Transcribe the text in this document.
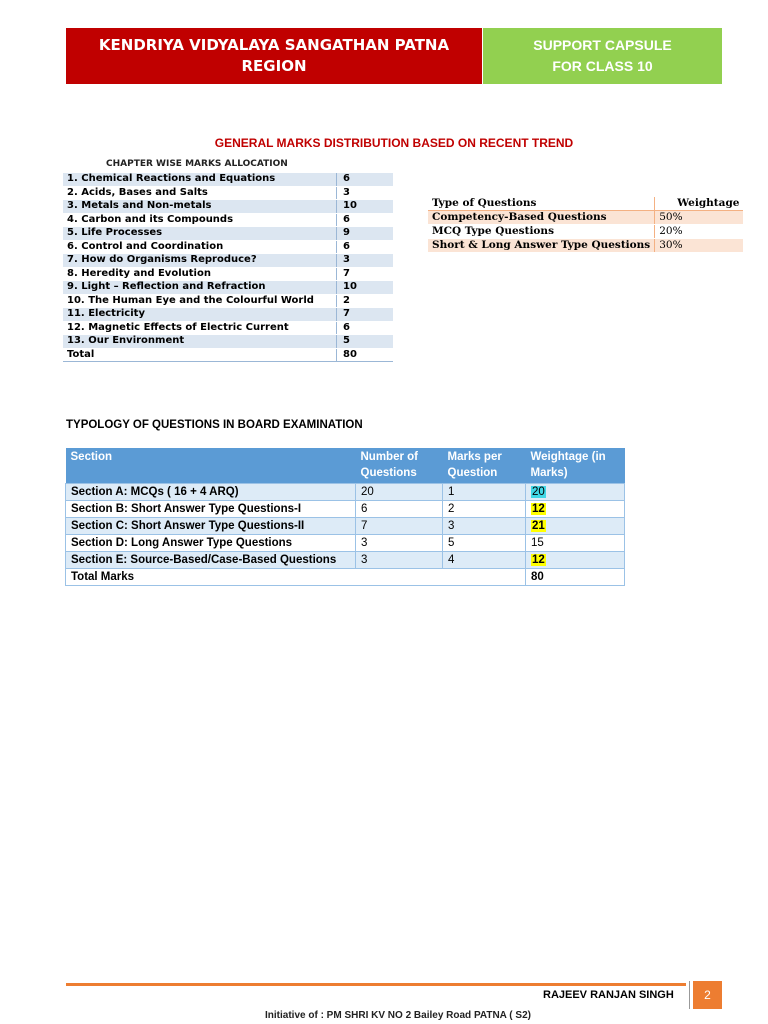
KENDRIYA VIDYALAYA SANGATHAN PATNA REGION
SUPPORT CAPSULE FOR CLASS 10
GENERAL MARKS DISTRIBUTION BASED ON RECENT TREND
CHAPTER WISE MARKS ALLOCATION
1. Chemical Reactions and Equations	6
2. Acids, Bases and Salts	3
3. Metals and Non-metals	10
4. Carbon and its Compounds	6
5. Life Processes	9
6. Control and Coordination	6
7. How do Organisms Reproduce?	3
8. Heredity and Evolution	7
9. Light – Reflection and Refraction	10
10. The Human Eye and the Colourful World	2
11. Electricity	7
12. Magnetic Effects of Electric Current	6
13. Our Environment	5
Total	80
Type of Questions	Weightage
Competency-Based Questions	50%
MCQ Type Questions	20%
Short & Long Answer Type Questions	30%
TYPOLOGY OF QUESTIONS IN BOARD EXAMINATION
Section	Number of Questions	Marks per Question	Weightage (in Marks)
Section A: MCQs ( 16 + 4 ARQ)	20	1	20
Section B: Short Answer Type Questions-I	6	2	12
Section C: Short Answer Type Questions-II	7	3	21
Section D: Long Answer Type Questions	3	5	15
Section E: Source-Based/Case-Based Questions	3	4	12
Total Marks			80
RAJEEV RANJAN SINGH	2
Initiative of : PM SHRI KV NO 2 Bailey Road PATNA ( S2)
